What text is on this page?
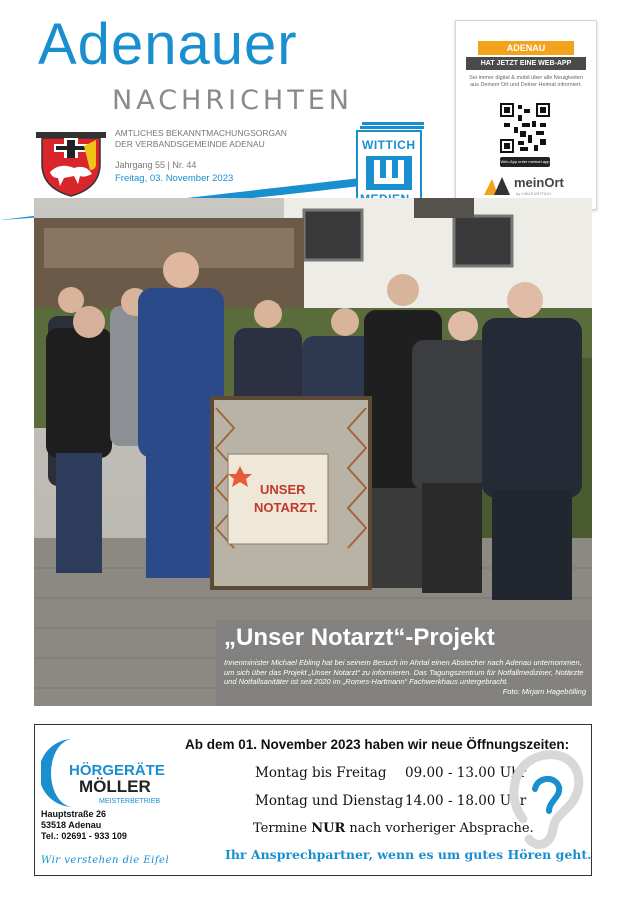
Adenauer
NACHRICHTEN
AMTLICHES BEKANNTMACHUNGSORGAN
DER VERBANDSGEMEINDE ADENAU
Jahrgang 55 | Nr. 44
Freitag, 03. November 2023
WITTICH
ADENAU
HAT JETZT EINE WEB-APP
Sei immer digital & mobil über alle Neuigkeiten aus Deinem Ort und Deiner Heimat informiert.
Web-App unter meinort.app
meinOrt
by LINUS WITTICH
UNSER
NOTARZT.
„Unser Notarzt“-Projekt
Innenminister Michael Ebling hat bei seinem Besuch im Ahrtal einen Abstecher nach Adenau unternommen, um sich über das Projekt „Unser Notarzt“ zu informieren. Das Tagungszentrum für Notfallmediziner, Notärzte und Notfallsanitäter ist seit 2020 im „Romes-Hartmann“ Fachwerkhaus untergebracht.
Foto: Mirjam Hagebölling
HÖRGERÄTE
MÖLLER
MEISTERBETRIEB
Hauptstraße 26
53518 Adenau
Tel.: 02691 - 933 109
Wir verstehen die Eifel
Ab dem 01. November 2023 haben wir neue Öffnungszeiten:
Montag bis Freitag 09.00 - 13.00 Uhr
Montag und Dienstag 14.00 - 18.00 Uhr
Termine NUR nach vorheriger Absprache.
Ihr Ansprechpartner, wenn es um gutes Hören geht.
